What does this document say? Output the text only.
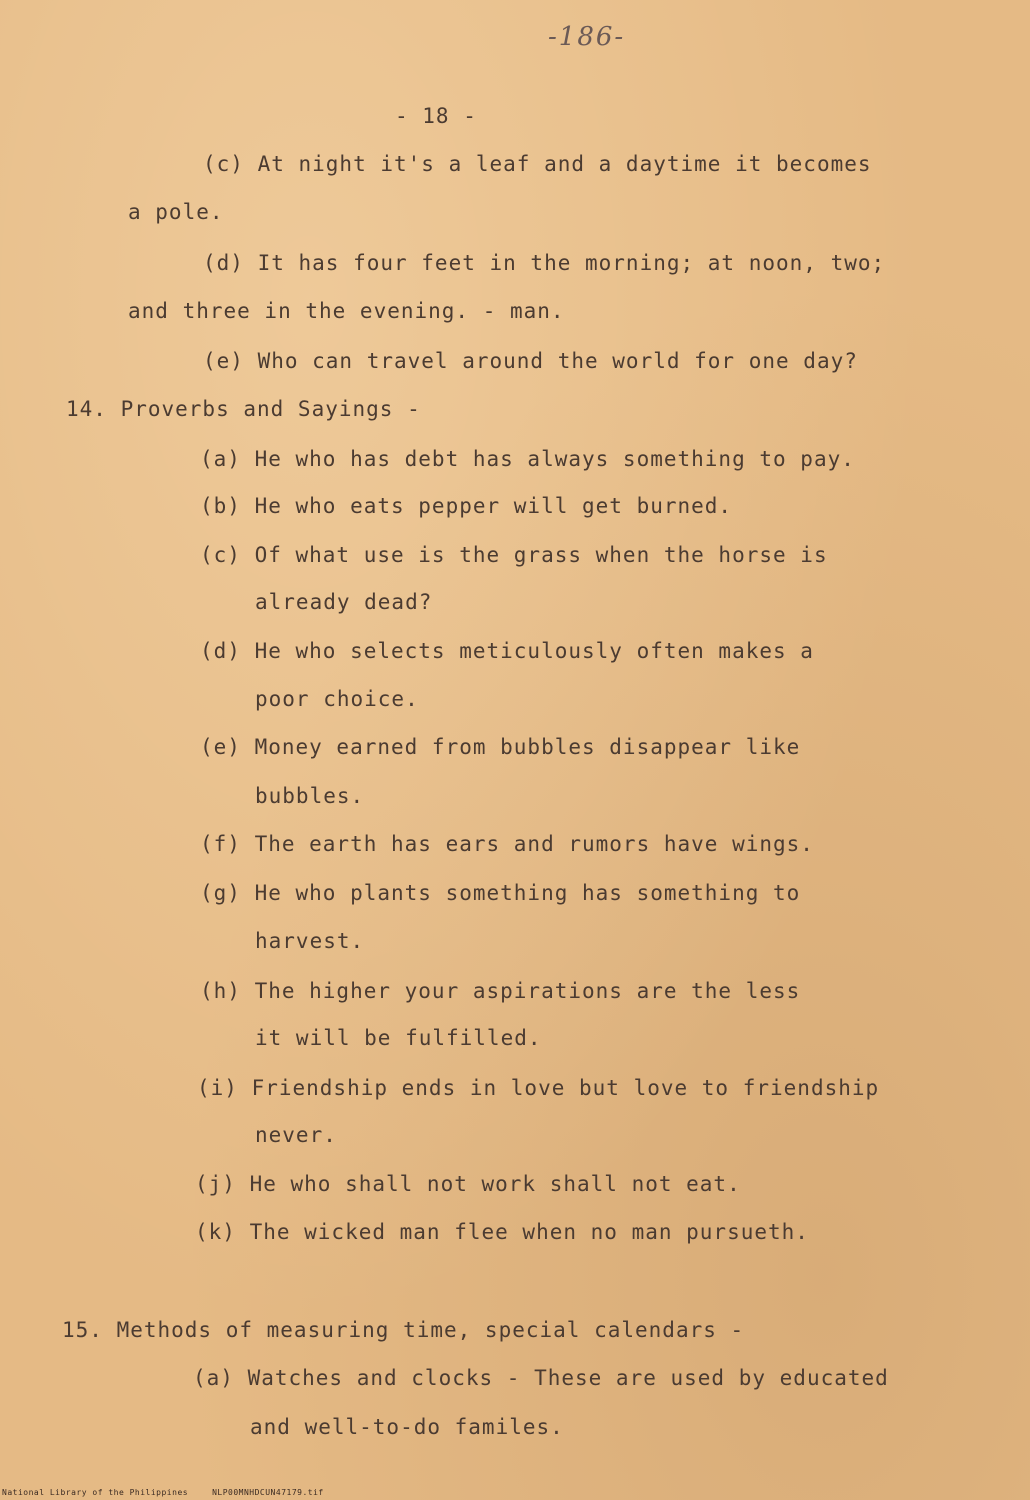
-186-
- 18 -
(c) At night it's a leaf and a daytime it becomes
a pole.
(d) It has four feet in the morning; at noon, two;
and three in the evening. - man.
(e) Who can travel around the world for one day?
14. Proverbs and Sayings -
(a) He who has debt has always something to pay.
(b) He who eats pepper will get burned.
(c) Of what use is the grass when the horse is
already dead?
(d) He who selects meticulously often makes a
poor choice.
(e) Money earned from bubbles disappear like
bubbles.
(f) The earth has ears and rumors have wings.
(g) He who plants something has something to
harvest.
(h) The higher your aspirations are the less
it will be fulfilled.
(i) Friendship ends in love but love to friendship
never.
(j) He who shall not work shall not eat.
(k) The wicked man flee when no man pursueth.
15. Methods of measuring time, special calendars -
(a) Watches and clocks - These are used by educated
and well-to-do familes.
National Library of the Philippines	NLP00MNHDCUN47179.tif
